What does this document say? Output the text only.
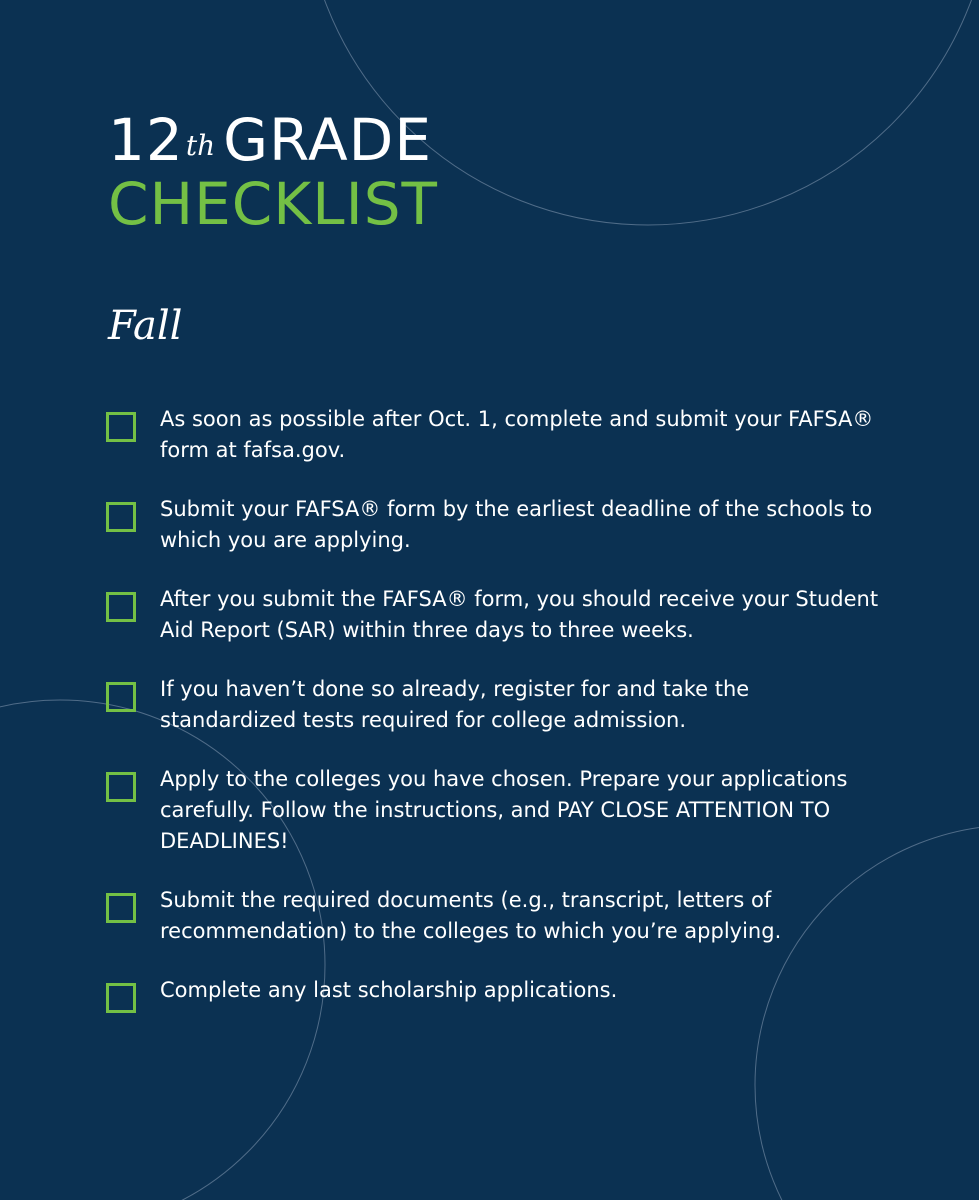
12th GRADE
CHECKLIST
Fall
As soon as possible after Oct. 1, complete and submit your FAFSA® form at fafsa.gov.
Submit your FAFSA® form by the earliest deadline of the schools to which you are applying.
After you submit the FAFSA® form, you should receive your Student Aid Report (SAR) within three days to three weeks.
If you haven’t done so already, register for and take the standardized tests required for college admission.
Apply to the colleges you have chosen. Prepare your applications carefully. Follow the instructions, and PAY CLOSE ATTENTION TO DEADLINES!
Submit the required documents (e.g., transcript, letters of recommendation) to the colleges to which you’re applying.
Complete any last scholarship applications.
